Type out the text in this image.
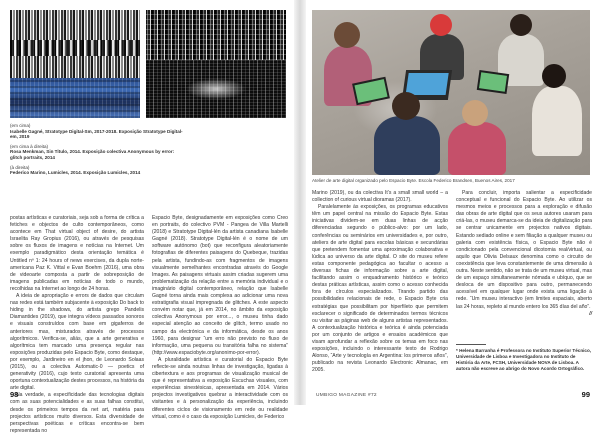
(em cima)

Isabelle Gagné, Stratotype Digital-Sm, 2017-2018. Exposição Stratotype Digital-em, 2019

(em cima à direita)

Rosa Menkman, Sin Titulo, 2014. Exposição colectiva Anonymous by error: glitch portraits, 2014

(à direita)

Federico Marino, Lumicles, 2014. Exposição Lumicles, 2014

postas artísticas e curatoriais, seja sob a forma de crítica a fetiches e objectos de culto contemporâneos, como acontece em That virtual object of desire, do artista Israelita Ray Gropius (2016), ou através de pesquisas sobre os fluxos de imagens e notícias na Internet. Um exemplo paradigmático desta orientação temática é Untitled nº 1: 24 hours of news exercises, da dupla norte-americana Paz K. Vittal e Evan Boehm (2016), uma obra de videoarte composta a partir de sobreposição de imagens publicadas em notícias de todo o mundo, recolhidas na Internet ao longo de 24 horas.

A ideia de apropriação e errors de dados que circulam nas redes está também subjacente à exposição Do back to hiding in the shadows, do artista grego Pandelis Diamantides (2019), que integra vídeos passados sonoros e visuais construídos com base em gigaferros de anteriores mas, misturados através de processos algorítmicos. Verifica-se, aliás, que a arte generativa e algorítmica tem marcado uma presença regular nas exposições produzidas pelo Espacio Byte, como destaque, por exemplo, Jardineiro en el jhon, de Leonardo Solaas (2015), ou a colectiva Automatic-0 — poetics of generativity (2016), cujo texto curatorial apresenta uma oportuna contextualização destes processos, na história da arte digital.

Na verdade, a especificidade das tecnologias digitais com as suas potencialidades e as suas falhas constitui, desde os primeiros tempos da net art, matéria para projectos artísticos muito diversos. Esta diversidade de perspectivas poéticas e críticas encontra-se bem representada no

Espacio Byte, designadamente em exposições como Creo en portraits, do colectivo PVM - Pangea de Villa Martelli (2018) e Stratotype Digital-lén da artista canadiana Isabelle Gagné (2018). Stratotype Digital-lén é o nome de um software autónomo (bot) que reconfigura aleatoriamente fotografias de diferentes paisagens do Quebeque, trazidas pela artista, fundindo-as com fragmentos de imagens visualmente semelhantes encontradas através do Google Images. As paisagens virtuais assim criadas sugerem uma problematização da relação entre a memória individual e o imaginário digital contemporâneo, relação que Isabelle Gagné torna ainda mais complexa ao adicionar uma nova estratigrafia visual impregnada de glitches. A este aspecto convém notar que, já em 2014, no âmbito da exposição colectiva Anonymous por error..., o museu tinha dado especial atenção ao conceito de glitch, termo usado no campo da electrónica e da informática, desde os anos 1960, para designar “um erro não previsto no fluxo de informação, uma pequena ou transitória falha no sistema” (http://www.espaciobyte.org/anonimo-por-error).

A pluralidade artística e curatorial do Espacio Byte reflecte-se ainda noutras linhas de investigação, ligadas à cibertextura e aos programas de visualização musical de que é representativa a exposição Escuchas visuales, com experiências sinestésicas, apresentada em 2014. Vários projectos investigativos quebrar a interactividade com os visitantes e à personalização da experiência, incluindo diferentes ciclos de visionamento em rede ou realidade virtual, como é o caso da exposição Lumicles, de Federico

98
Atelier de arte digital organizado pelo Espacio Byte. Escola Federico Brandsen, Buenos Aires, 2017

Marino (2019), ou da colectiva It’s a small small world – a collection of curious virtual dioramas (2017).

Paralelamente às exposições, os programas educativos têm um papel central na missão do Espacio Byte. Estas iniciativas dividem-se em duas linhas de acção diferenciadas segundo o público-alvo: por um lado, conferências ou seminários em universidades e, por outro, ateliers de arte digital para escolas básicas e secundárias que pretendem fomentar uma aproximação colaborativa e lúdica ao universo da arte digital. O site do museu refere estas componente pedagógica ao facultar o acesso a diversas fichas de informação sobre a arte digital, facilitando assim o enquadramento histórico e teórico destas práticas artísticas, assim como o acesso conhecida fora de círculos especializados. Tirando partido das possibilidades relacionais de rede, o Espacio Byte cria estratégias que possibilitam por hiperfileto que permitem esclarecer o significado de determinados termos técnicos ou visitar as páginas web de alguns artistas representados. A contextualização histórica e teórica é ainda potenciada por um conjunto de artigos e ensaios académicos que visam aprofundar a reflexão sobre os temas em foco nas exposições, incluindo o interessante texto de Rodrigo Alonso, “Arte y tecnología en Argentina: los primeros años”, publicado na revista Leonardo Electronic Almanac, em 2005.

Para concluir, importa salientar a especificidade conceptual e funcional do Espacio Byte. Ao utilizar os mesmos meios e processos para a exploração e difusão das obras de arte digital que os seus autores usaram para criá-las, o museu demarca-se da ideia de digitalização para se centrar unicamente em projectos nativos digitais. Estando sediado online e sem filiação a qualquer museu ou galeria com existência física, o Espacio Byte não é condicionado pela convencional dicotomia real/virtual, ou aquilo que Olivia Delsaux denomina como o circuito de coexistência que leva constantemente de uma dimensão à outra. Neste sentido, não se trata de um museu virtual, mas de um espaço simultaneamente nómada e ubíquo, que se desloca de um dispositivo para outro, permanecendo acessível em qualquer lugar onde exista uma ligação à rede. “Um museu interactivo (em limites espaciais, aberto las 24 horas, repleto al mundo entero los 365 días del año”.

//

* Helena Barranha é Professora no Instituto Superior Técnico, Universidade de Lisboa e Investigadora no Instituto de História da Arte, FCSH, Universidade NOVA de Lisboa. A autora não escreve ao abrigo do Novo Acordo Ortográfico.
UMBIGO MAGAZINE #72	99
